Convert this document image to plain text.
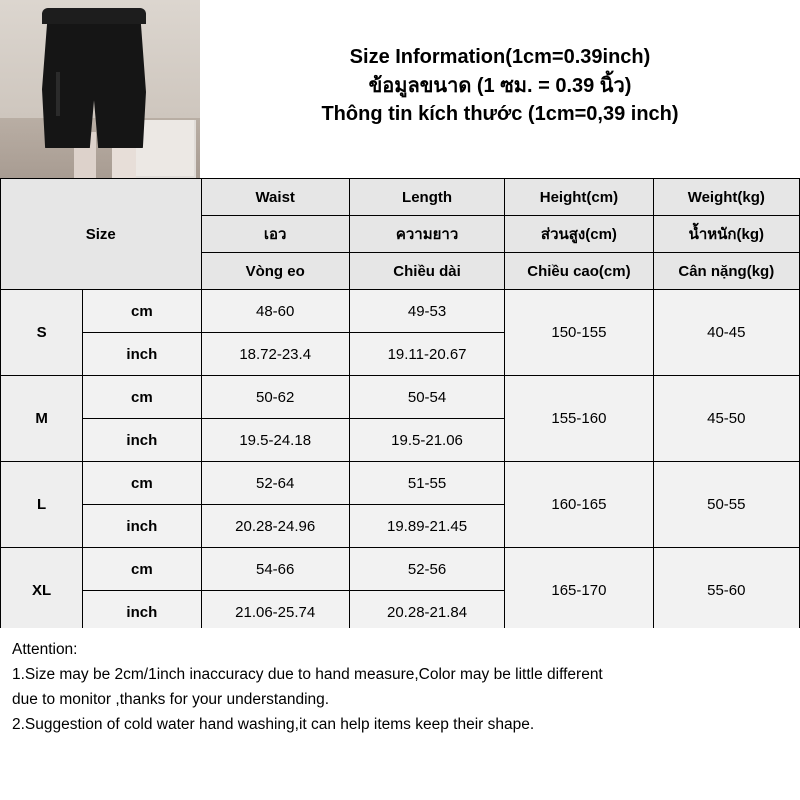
Size Information(1cm=0.39inch)
ข้อมูลขนาด (1 ซม. = 0.39 นิ้ว)
Thông tin kích thước (1cm=0,39 inch)
Size		Waist	Length	Height(cm)	Weight(kg)
		เอว	ความยาว	ส่วนสูง(cm)	น้ำหนัก(kg)
		Vòng eo	Chiều dài	Chiều cao(cm)	Cân nặng(kg)
S	cm	48-60	49-53	150-155	40-45
	inch	18.72-23.4	19.11-20.67		
M	cm	50-62	50-54	155-160	45-50
	inch	19.5-24.18	19.5-21.06		
L	cm	52-64	51-55	160-165	50-55
	inch	20.28-24.96	19.89-21.45		
XL	cm	54-66	52-56	165-170	55-60
	inch	21.06-25.74	20.28-21.84		
Attention:
1.Size may be 2cm/1inch inaccuracy due to hand measure,Color may be little different
due to monitor ,thanks for your understanding.
2.Suggestion of cold water hand washing,it can help items keep their shape.
